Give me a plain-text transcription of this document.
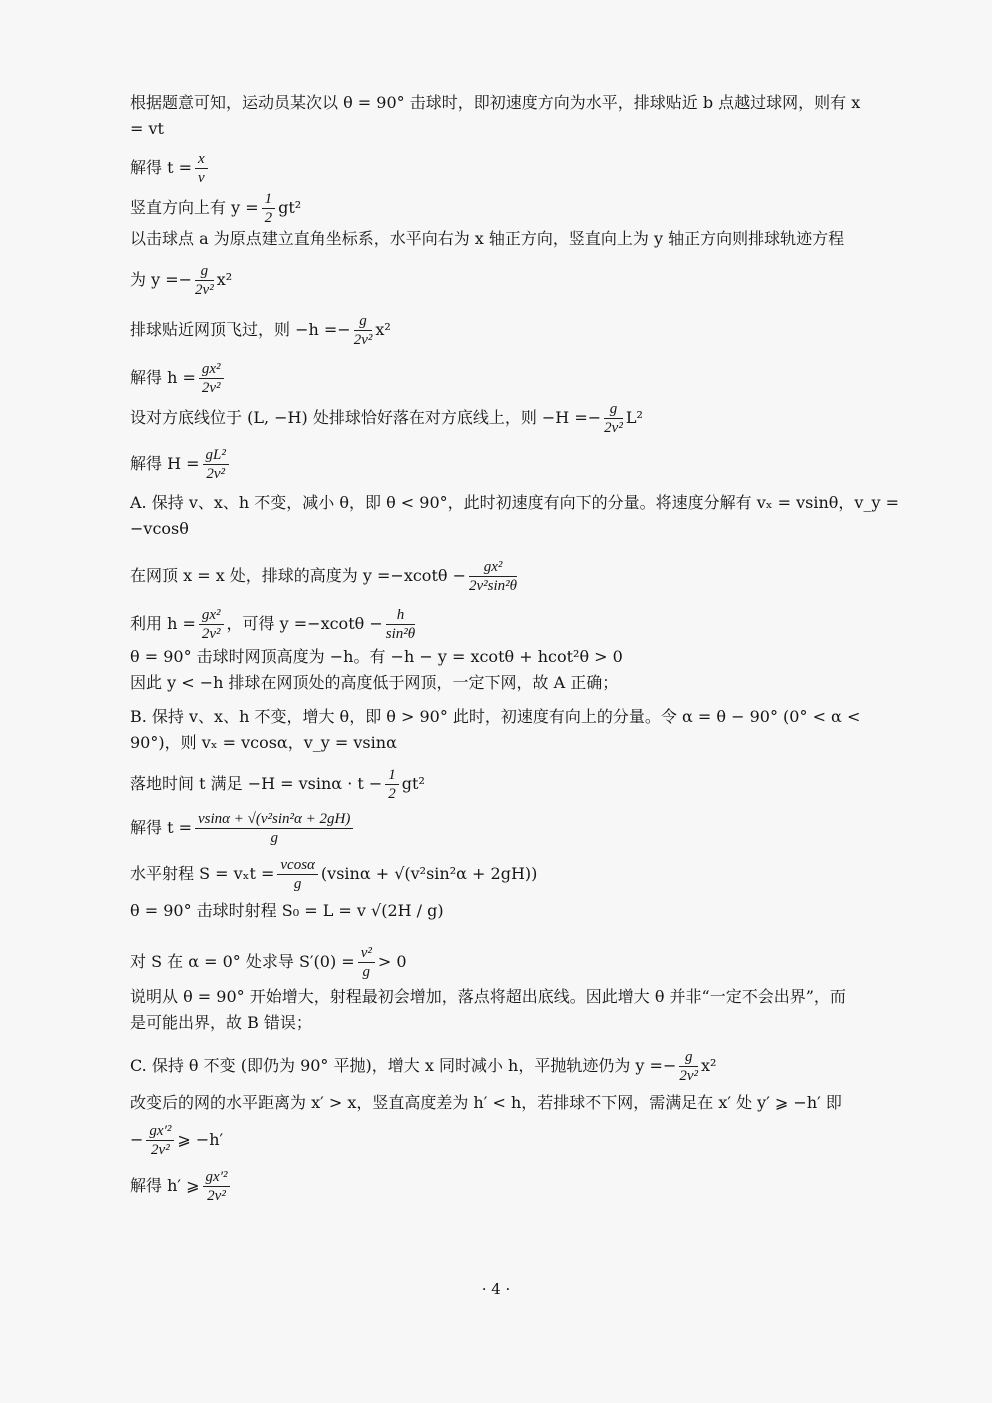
根据题意可知，运动员某次以 θ = 90° 击球时，即初速度方向为水平，排球贴近 b 点越过球网，则有 x
= vt
解得 $t = \frac{x}{v}$
竖直方向上有 $y = \frac{1}{2} gt^2$
以击球点 a 为原点建立直角坐标系，水平向右为 x 轴正方向，竖直向上为 y 轴正方向则排球轨迹方程
为 $y =- \frac{g}{\text{2v²}} x^2$
排球贴近网顶飞过，则 $-h =- \frac{g}{\text{2v²}} x^2$
解得 $h = \frac{\text{gx²}}{\text{2v²}}$
设对方底线位于 (L, −H) 处排球恰好落在对方底线上，则 $-H =- \frac{g}{\text{2v²}} L^2$
解得 $H = \frac{\text{gL²}}{\text{2v²}}$
A. 保持 v、x、h 不变，减小 θ，即 θ < 90°，此时初速度有向下的分量。将速度分解有 vₓ = vsinθ，v_y =
−vcosθ
在网顶 x = x 处，排球的高度为 $y =-xcot\theta - \frac{\text{gx²}}{\text{2v²sin²θ}}$
利用 $h = \frac{\text{gx²}}{\text{2v²}}$ ，可得 $y =-xcot\theta - \frac{h}{\text{sin²θ}}$
θ = 90° 击球时网顶高度为 −h。有 −h − y = xcotθ + hcot²θ > 0
因此 y < −h 排球在网顶处的高度低于网顶，一定下网，故 A 正确；
B. 保持 v、x、h 不变，增大 θ，即 θ > 90° 此时，初速度有向上的分量。令 α = θ − 90° (0° < α <
90°)，则 vₓ = vcosα，v_y = vsinα
落地时间 t 满足 $-H = vsin\alpha \cdot t - \frac{1}{2} gt^2$
解得 $t = \frac{\text{vsinα + √(v²sin²α + 2gH)}}{g}$
水平射程 $S = v_xt = \frac{vcos\alpha}{g} (vsin\alpha + √(v^2\sin^2\alpha + 2gH))$
θ = 90° 击球时射程 S₀ = L = v √(2H / g)
对 S 在 α = 0° 处求导 $S'(0) = \frac{\text{v²}}{g} > 0$
说明从 θ = 90° 开始增大，射程最初会增加，落点将超出底线。因此增大 θ 并非“一定不会出界”，而
是可能出界，故 B 错误；
C. 保持 θ 不变 (即仍为 90° 平抛)，增大 x 同时减小 h，平抛轨迹仍为 $y =- \frac{g}{\text{2v²}} x^2$
改变后的网的水平距离为 x′ > x，竖直高度差为 h′ < h，若排球不下网，需满足在 x′ 处 y′ ⩾ −h′ 即
− $\frac{\text{gx′²}}{\text{2v²}}$ ⩾ −h′
解得 h′ ⩾ $\frac{\text{gx′²}}{\text{2v²}}$
· 4 ·
